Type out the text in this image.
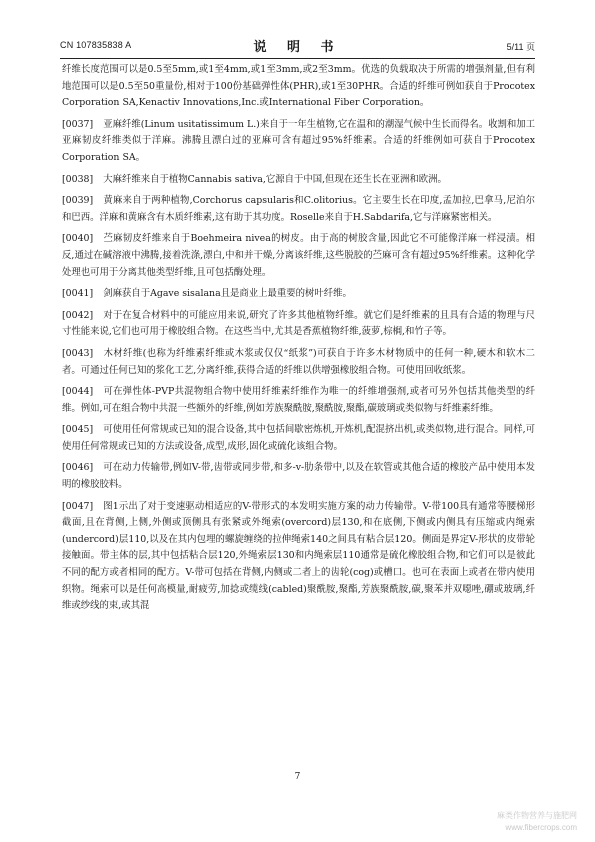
CN 107835838 A	说 明 书	5/11 页

纤维长度范围可以是0.5至5mm,或1至4mm,或1至3mm,或2至3mm。优选的负载取决于所需的增强剂量,但有利地范围可以是0.5至50重量份,相对于100份基础弹性体(PHR),或1至30PHR。合适的纤维可例如获自于Procotex Corporation SA,Kenactiv Innovations,Inc.或International Fiber Corporation。

[0037] 亚麻纤维(Linum usitatissimum L.)来自于一年生植物,它在温和的潮湿气候中生长而得名。收割和加工亚麻韧皮纤维类似于洋麻。沸腾且漂白过的亚麻可含有超过95%纤维素。合适的纤维例如可获自于Procotex Corporation SA。

[0038] 大麻纤维来自于植物Cannabis sativa,它源自于中国,但现在还生长在亚洲和欧洲。

[0039] 黄麻来自于两种植物,Corchorus capsularis和C.olitorius。它主要生长在印度,孟加拉,巴拿马,尼泊尔和巴西。洋麻和黄麻含有木质纤维素,这有助于其功度。Roselle来自于H.Sabdarifa,它与洋麻紧密相关。

[0040] 苎麻韧皮纤维来自于Boehmeira nivea的树皮。由于高的树胶含量,因此它不可能像洋麻一样浸渍。相反,通过在碱溶液中沸腾,接着洗涤,漂白,中和并干燥,分离该纤维,这些脱胶的苎麻可含有超过95%纤维素。这种化学处理也可用于分离其他类型纤维,且可包括酶处理。

[0041] 剑麻获自于Agave sisalana且是商业上最重要的树叶纤维。

[0042] 对于在复合材料中的可能应用来说,研究了许多其他植物纤维。就它们是纤维素的且具有合适的物理与尺寸性能来说,它们也可用于橡胶组合物。在这些当中,尤其是香蕉植物纤维,菠萝,棕榈,和竹子等。

[0043] 木材纤维(也称为纤维素纤维或木浆或仅仅“纸浆”)可获自于许多木材物质中的任何一种,硬木和软木二者。可通过任何已知的浆化工艺,分离纤维,获得合适的纤维以供增强橡胶组合物。可使用回收纸浆。

[0044] 可在弹性体-PVP共混物组合物中使用纤维素纤维作为唯一的纤维增强剂,或者可另外包括其他类型的纤维。例如,可在组合物中共混一些额外的纤维,例如芳族聚酰胺,聚酰胺,聚酯,碳玻璃或类似物与纤维素纤维。

[0045] 可使用任何常规或已知的混合设备,其中包括间歇密炼机,开炼机,配混挤出机,或类似物,进行混合。同样,可使用任何常规或已知的方法或设备,成型,成形,固化或硫化该组合物。

[0046] 可在动力传输带,例如V-带,齿带或同步带,和多-v-肋条带中,以及在软管或其他合适的橡胶产品中使用本发明的橡胶胶料。

[0047] 图1示出了对于变速驱动相适应的V-带形式的本发明实施方案的动力传输带。V-带100具有通常等腰梯形截面,且在背侧,上侧,外侧或顶侧具有张紧或外绳索(overcord)层130,和在底侧,下侧或内侧具有压缩或内绳索(undercord)层110,以及在其内包埋的螺旋缠绕的拉伸绳索140之间具有粘合层120。侧面是界定V-形状的皮带轮接触面。带主体的层,其中包括粘合层120,外绳索层130和内绳索层110通常是硫化橡胶组合物,和它们可以是彼此不同的配方或者相同的配方。V-带可包括在背侧,内侧或二者上的齿轮(cog)或槽口。也可在表面上或者在带内使用织物。绳索可以是任何高模量,耐疲劳,加捻或缆线(cabled)聚酰胺,聚酯,芳族聚酰胺,碳,聚苯并双噁唑,硼或玻璃,纤维或纱线的束,或其混

7
麻类作物营养与施肥网
www.fibercrops.com
